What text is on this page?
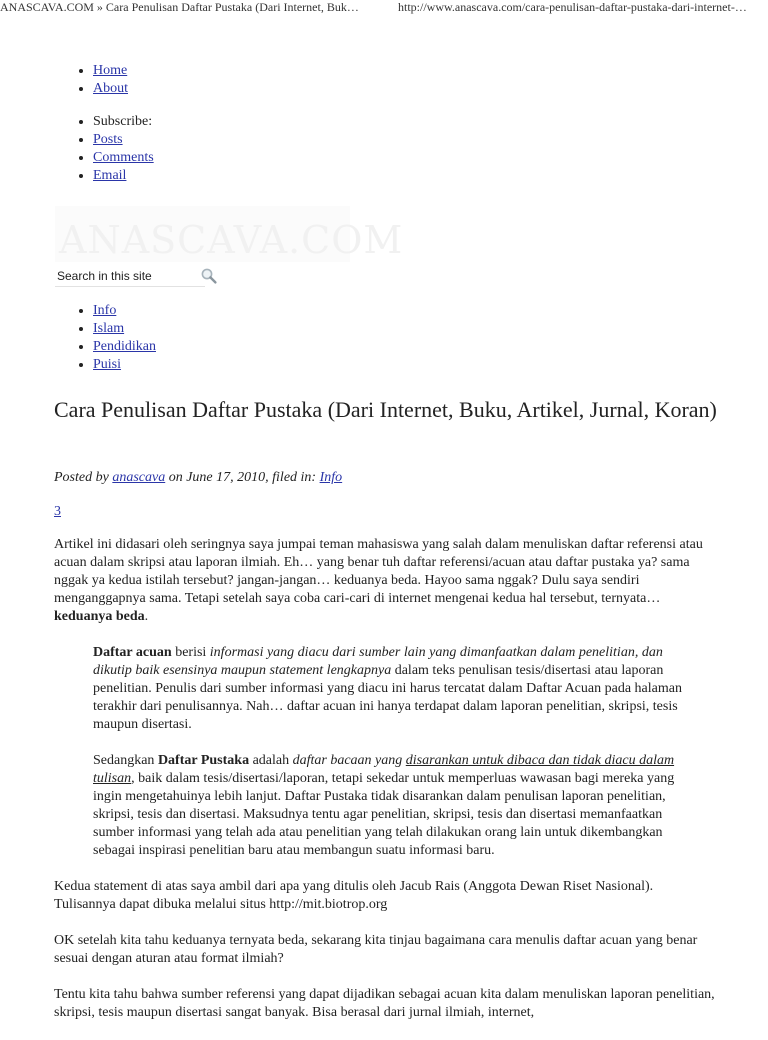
ANASCAVA.COM » Cara Penulisan Daftar Pustaka (Dari Internet, Buk…	http://www.anascava.com/cara-penulisan-daftar-pustaka-dari-internet-…
• Home
• About
• Subscribe:
• Posts
• Comments
• Email
ANASCAVA.COM
Search in this site
• Info
• Islam
• Pendidikan
• Puisi
Cara Penulisan Daftar Pustaka (Dari Internet, Buku, Artikel, Jurnal, Koran)

Posted by anascava on June 17, 2010, filed in: Info

3

Artikel ini didasari oleh seringnya saya jumpai teman mahasiswa yang salah dalam menuliskan daftar referensi atau acuan dalam skripsi atau laporan ilmiah. Eh… yang benar tuh daftar referensi/acuan atau daftar pustaka ya? sama nggak ya kedua istilah tersebut? jangan-jangan… keduanya beda. Hayoo sama nggak? Dulu saya sendiri menganggapnya sama. Tetapi setelah saya coba cari-cari di internet mengenai kedua hal tersebut, ternyata… keduanya beda.

Daftar acuan berisi informasi yang diacu dari sumber lain yang dimanfaatkan dalam penelitian, dan dikutip baik esensinya maupun statement lengkapnya dalam teks penulisan tesis/disertasi atau laporan penelitian. Penulis dari sumber informasi yang diacu ini harus tercatat dalam Daftar Acuan pada halaman terakhir dari penulisannya. Nah… daftar acuan ini hanya terdapat dalam laporan penelitian, skripsi, tesis maupun disertasi.

Sedangkan Daftar Pustaka adalah daftar bacaan yang disarankan untuk dibaca dan tidak diacu dalam tulisan, baik dalam tesis/disertasi/laporan, tetapi sekedar untuk memperluas wawasan bagi mereka yang ingin mengetahuinya lebih lanjut. Daftar Pustaka tidak disarankan dalam penulisan laporan penelitian, skripsi, tesis dan disertasi. Maksudnya tentu agar penelitian, skripsi, tesis dan disertasi memanfaatkan sumber informasi yang telah ada atau penelitian yang telah dilakukan orang lain untuk dikembangkan sebagai inspirasi penelitian baru atau membangun suatu informasi baru.

Kedua statement di atas saya ambil dari apa yang ditulis oleh Jacub Rais (Anggota Dewan Riset Nasional). Tulisannya dapat dibuka melalui situs http://mit.biotrop.org

OK setelah kita tahu keduanya ternyata beda, sekarang kita tinjau bagaimana cara menulis daftar acuan yang benar sesuai dengan aturan atau format ilmiah?

Tentu kita tahu bahwa sumber referensi yang dapat dijadikan sebagai acuan kita dalam menuliskan laporan penelitian, skripsi, tesis maupun disertasi sangat banyak. Bisa berasal dari jurnal ilmiah, internet,
